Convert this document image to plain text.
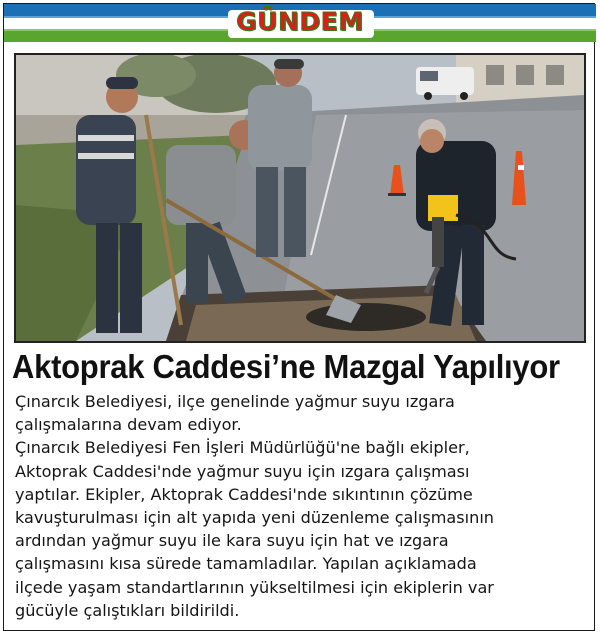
GÜNDEM
Aktoprak Caddesi’ne Mazgal Yapılıyor

Çınarcık Belediyesi, ilçe genelinde yağmur suyu ızgara
çalışmalarına devam ediyor.

Çınarcık Belediyesi Fen İşleri Müdürlüğü'ne bağlı ekipler,
Aktoprak Caddesi'nde yağmur suyu için ızgara çalışması
yaptılar. Ekipler, Aktoprak Caddesi'nde sıkıntının çözüme
kavuşturulması için alt yapıda yeni düzenleme çalışmasının
ardından yağmur suyu ile kara suyu için hat ve ızgara
çalışmasını kısa sürede tamamladılar. Yapılan açıklamada
ilçede yaşam standartlarının yükseltilmesi için ekiplerin var
gücüyle çalıştıkları bildirildi.
